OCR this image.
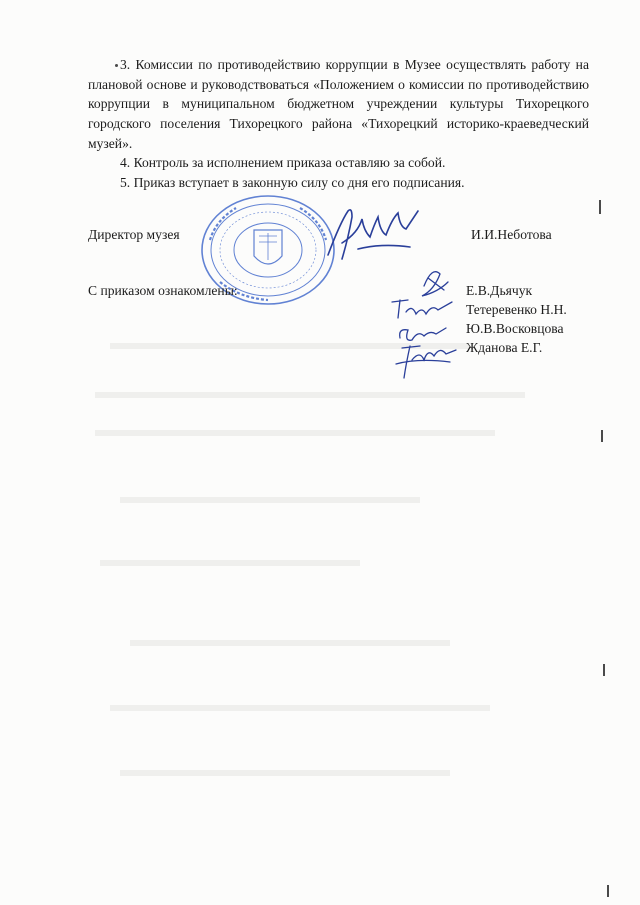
3. Комиссии по противодействию коррупции в Музее осуществлять работу на плановой основе и руководствоваться «Положением о комиссии по противодействию коррупции в муниципальном бюджетном учреждении культуры Тихорецкого городского поселения Тихорецкого района «Тихорецкий историко-краеведческий музей».
4. Контроль за исполнением приказа оставляю за собой.
5. Приказ вступает в законную силу со дня его подписания.
Директор музея	И.И.Неботова
С приказом ознакомлены:	Е.В.Дьячук
Тетеревенко Н.Н.
Ю.В.Восковцова
Жданова Е.Г.
